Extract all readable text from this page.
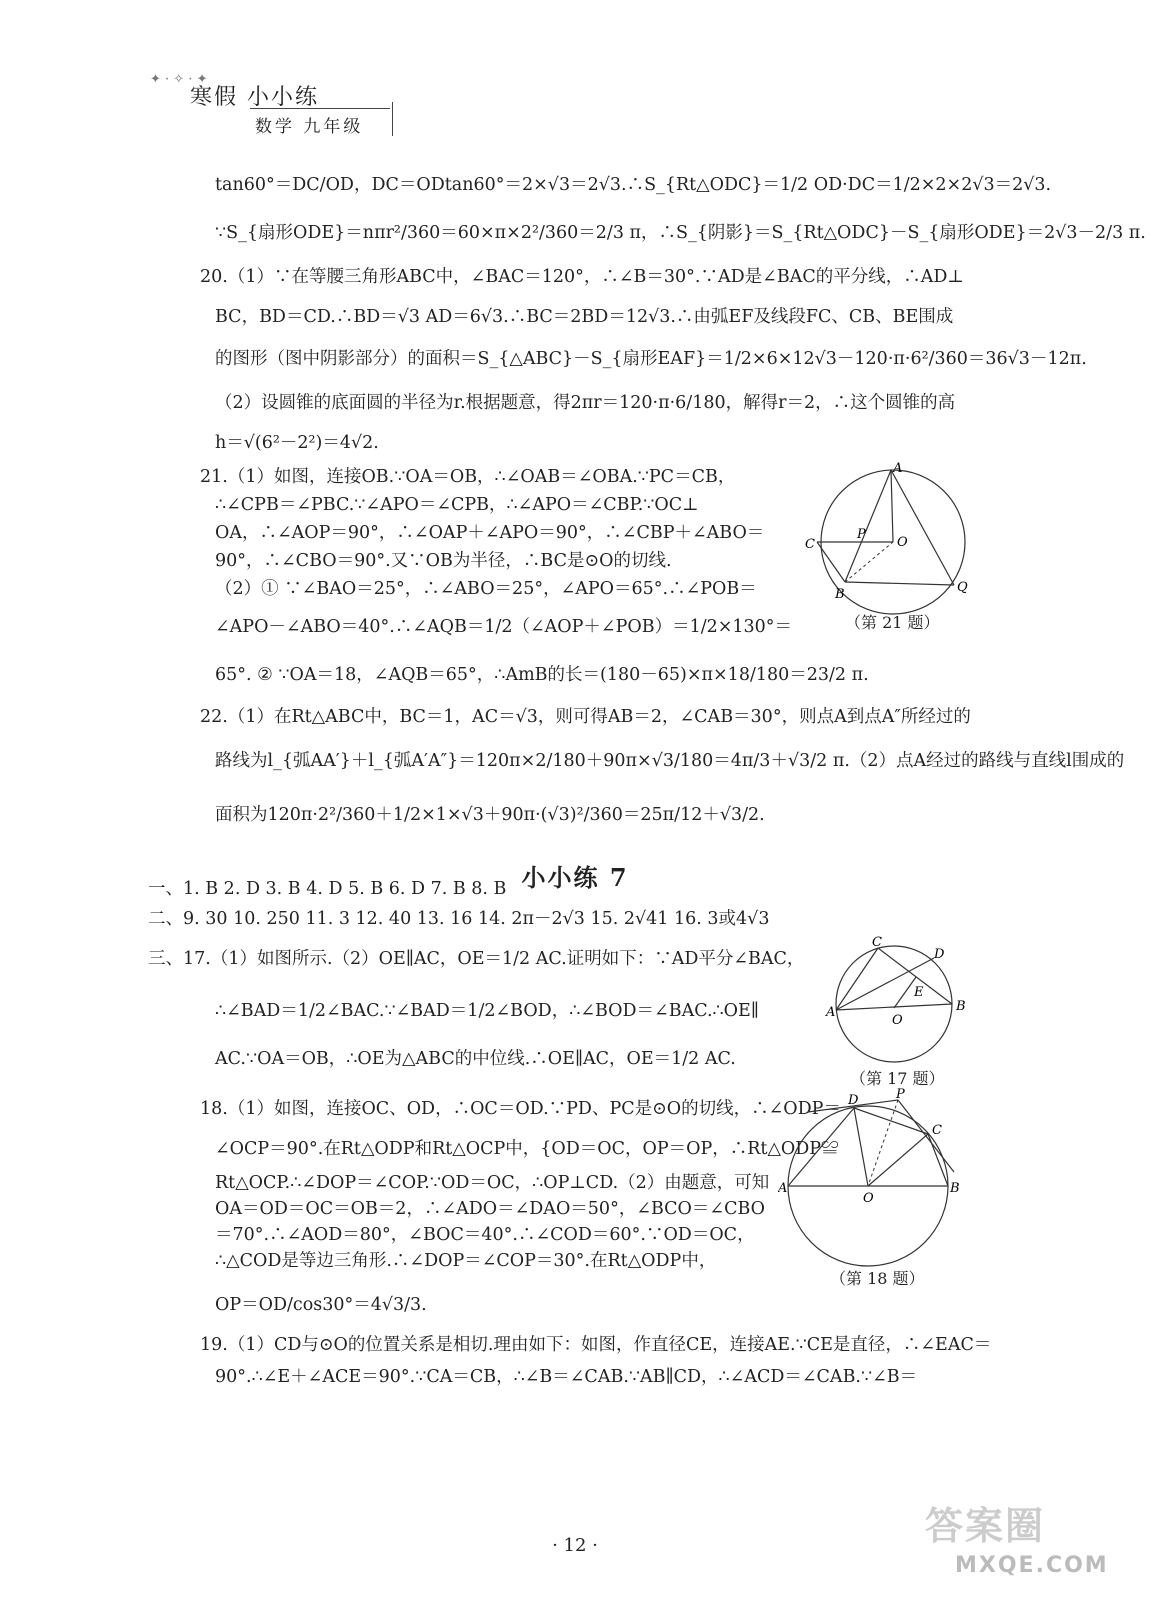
✦ · ✧ · ✦
寒假 小小练
数学 九年级
tan60°＝DC/OD，DC＝ODtan60°＝2×√3＝2√3.∴S_{Rt△ODC}＝1/2 OD·DC＝1/2×2×2√3＝2√3.
∵S_{扇形ODE}＝nπr²/360＝60×π×2²/360＝2/3 π，∴S_{阴影}＝S_{Rt△ODC}－S_{扇形ODE}＝2√3－2/3 π.
20.（1）∵在等腰三角形ABC中，∠BAC＝120°，∴∠B＝30°.∵AD是∠BAC的平分线，∴AD⊥
BC，BD＝CD.∴BD＝√3 AD＝6√3.∴BC＝2BD＝12√3.∴由弧EF及线段FC、CB、BE围成
的图形（图中阴影部分）的面积＝S_{△ABC}－S_{扇形EAF}＝1/2×6×12√3－120·π·6²/360＝36√3－12π.
（2）设圆锥的底面圆的半径为r.根据题意，得2πr＝120·π·6/180，解得r＝2，∴这个圆锥的高
h＝√(6²－2²)＝4√2.
21.（1）如图，连接OB.∵OA＝OB，∴∠OAB＝∠OBA.∵PC＝CB，
∴∠CPB＝∠PBC.∵∠APO＝∠CPB，∴∠APO＝∠CBP.∵OC⊥
OA，∴∠AOP＝90°，∴∠OAP＋∠APO＝90°，∴∠CBP＋∠ABO＝
90°，∴∠CBO＝90°.又∵OB为半径，∴BC是⊙O的切线.
（2）① ∵∠BAO＝25°，∴∠ABO＝25°，∠APO＝65°.∴∠POB＝
∠APO－∠ABO＝40°.∴∠AQB＝1/2（∠AOP＋∠POB）＝1/2×130°＝
65°. ② ∵OA＝18，∠AQB＝65°，∴AmB的长＝(180－65)×π×18/180＝23/2 π.
A
P
O
C
Q
B
（第 21 题）
22.（1）在Rt△ABC中，BC＝1，AC＝√3，则可得AB＝2，∠CAB＝30°，则点A到点A″所经过的
路线为l_{弧AA′}＋l_{弧A′A″}＝120π×2/180＋90π×√3/180＝4π/3＋√3/2 π.（2）点A经过的路线与直线l围成的
面积为120π·2²/360＋1/2×1×√3＋90π·(√3)²/360＝25π/12＋√3/2.
小小练 7
一、1. B 2. D 3. B 4. D 5. B 6. D 7. B 8. B
二、9. 30 10. 250 11. 3 12. 40 13. 16 14. 2π－2√3 15. 2√41 16. 3或4√3
三、17.（1）如图所示.（2）OE∥AC，OE＝1/2 AC.证明如下：∵AD平分∠BAC，
∴∠BAD＝1/2∠BAC.∵∠BAD＝1/2∠BOD，∴∠BOD＝∠BAC.∴OE∥
AC.∵OA＝OB，∴OE为△ABC的中位线.∴OE∥AC，OE＝1/2 AC.
C
D
A
E
O
B
（第 17 题）
18.（1）如图，连接OC、OD，∴OC＝OD.∵PD、PC是⊙O的切线，∴∠ODP＝
∠OCP＝90°.在Rt△ODP和Rt△OCP中，{OD＝OC，OP＝OP，∴Rt△ODP≌
Rt△OCP.∴∠DOP＝∠COP.∵OD＝OC，∴OP⊥CD.（2）由题意，可知
OA＝OD＝OC＝OB＝2，∴∠ADO＝∠DAO＝50°，∠BCO＝∠CBO
＝70°.∴∠AOD＝80°，∠BOC＝40°.∴∠COD＝60°.∵OD＝OC，
∴△COD是等边三角形.∴∠DOP＝∠COP＝30°.在Rt△ODP中，
OP＝OD/cos30°＝4√3/3.
D	P
C
A
O
B
（第 18 题）
19.（1）CD与⊙O的位置关系是相切.理由如下：如图，作直径CE，连接AE.∵CE是直径，∴∠EAC＝
90°.∴∠E＋∠ACE＝90°.∵CA＝CB，∴∠B＝∠CAB.∵AB∥CD，∴∠ACD＝∠CAB.∵∠B＝
· 12 ·	答案圈
MXQE.COM
